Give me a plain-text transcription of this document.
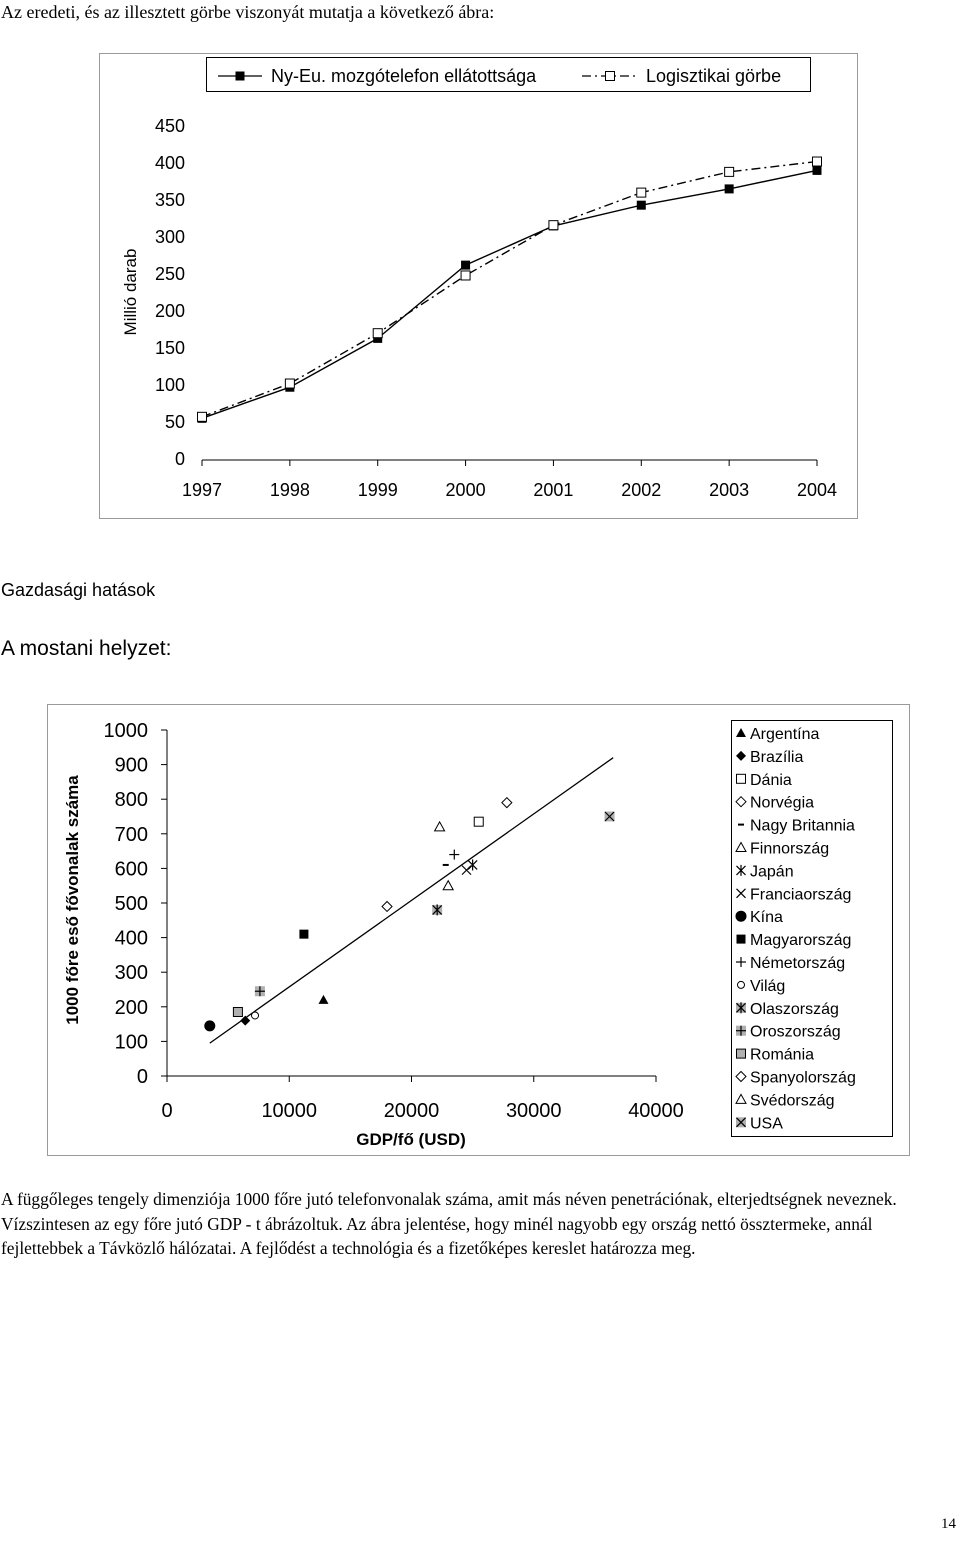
Az eredeti, és az illesztett görbe viszonyát mutatja a következő ábra:
Ny-Eu. mozgótelefon ellátottsága	Logisztikai görbe
450
400
350
300
250
200
150
100
50
0
Millió darab
1997	1998	1999	2000	2001	2002	2003	2004
Gazdasági hatások
A mostani helyzet:
1000
900
800
700
600
500
400
300
200
100
0
0	10000	20000	30000	40000
GDP/fő (USD)
1000 főre eső fővonalak száma
Argentína
Brazília
Dánia
Norvégia
Nagy Britannia
Finnország
Japán
Franciaország
Kína
Magyarország
Németország
Világ
Olaszország
Oroszország
Románia
Spanyolország
Svédország
USA
A függőleges tengely dimenziója 1000 főre jutó telefonvonalak száma, amit más néven penetrációnak, elterjedtségnek neveznek. Vízszintesen az egy főre jutó GDP - t ábrázoltuk. Az ábra jelentése, hogy minél nagyobb egy ország nettó össztermeke, annál fejlettebbek a Távközlő hálózatai. A fejlődést a technológia és a fizetőképes kereslet határozza meg.
14
